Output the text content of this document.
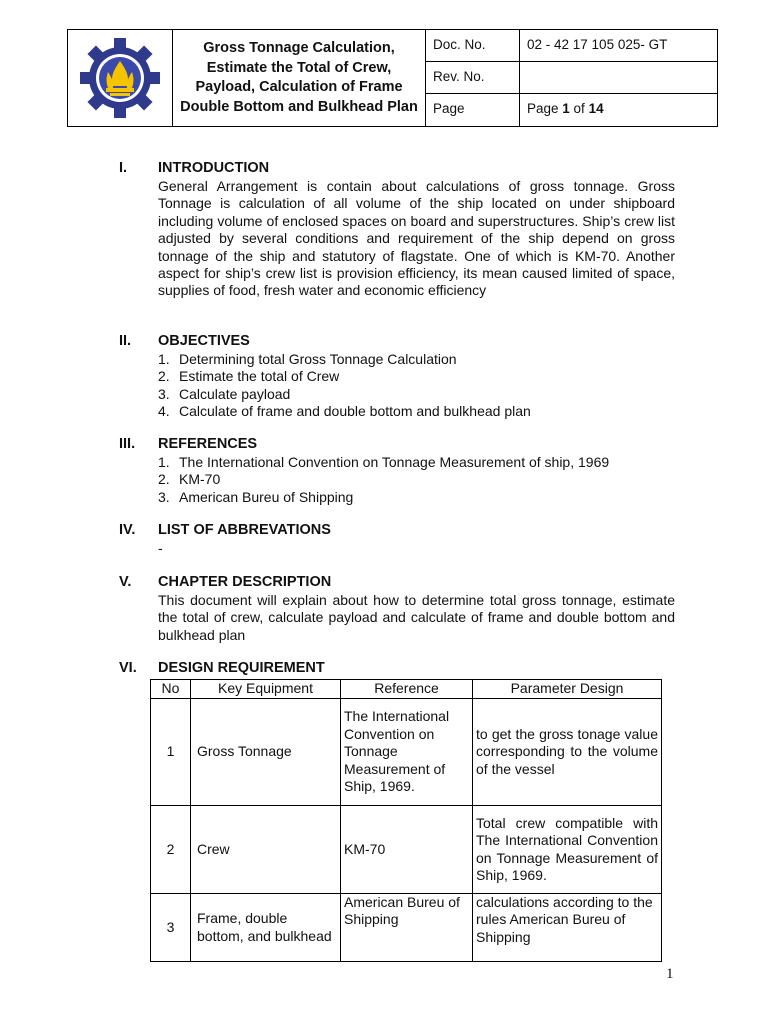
Gross Tonnage Calculation, Estimate the Total of Crew, Payload, Calculation of Frame Double Bottom and Bulkhead Plan
Doc. No.	02 - 42 17 105 025- GT
Rev. No.
Page	Page 1 of 14
I.	INTRODUCTION
General Arrangement is contain about calculations of gross tonnage. Gross Tonnage is calculation of all volume of the ship located on under shipboard including volume of enclosed spaces on board and superstructures. Ship’s crew list adjusted by several conditions and requirement of the ship depend on gross tonnage of the ship and statutory of flagstate. One of which is KM-70. Another aspect for ship’s crew list is provision efficiency, its mean caused limited of space, supplies of food, fresh water and economic efficiency
II.	OBJECTIVES
1. Determining total Gross Tonnage Calculation
2. Estimate the total of Crew
3. Calculate payload
4. Calculate of frame and double bottom and bulkhead plan
III.	REFERENCES
1. The International Convention on Tonnage Measurement of ship, 1969
2. KM-70
3. American Bureu of Shipping
IV.	LIST OF ABBREVATIONS
-
V.	CHAPTER DESCRIPTION
This document will explain about how to determine total gross tonnage, estimate the total of crew, calculate payload and calculate of frame and double bottom and bulkhead plan
VI.	DESIGN REQUIREMENT
No	Key Equipment	Reference	Parameter Design
1	Gross Tonnage	The International Convention on Tonnage Measurement of Ship, 1969.	to get the gross tonage value corresponding to the volume of the vessel
2	Crew	KM-70	Total crew compatible with The International Convention on Tonnage Measurement of Ship, 1969.
3	Frame, double bottom, and bulkhead	American Bureu of Shipping	calculations according to the rules American Bureu of Shipping
1
